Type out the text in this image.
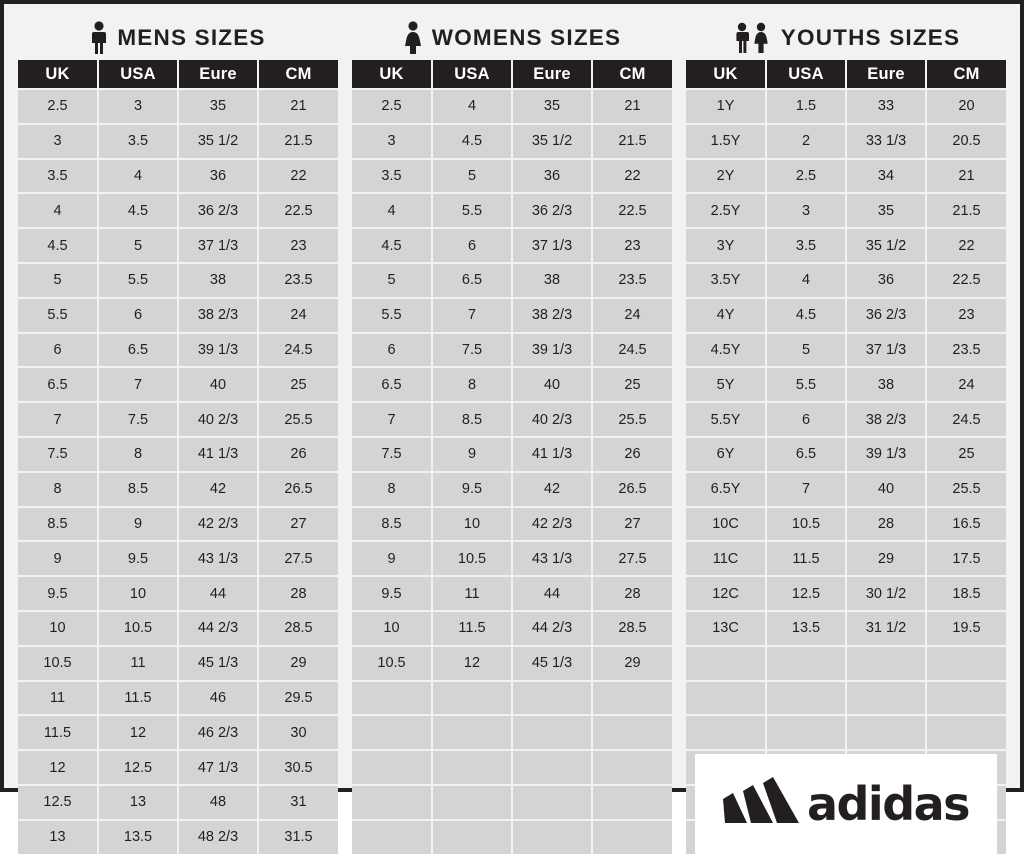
MENS SIZES
UK	USA	Eure	CM
2.5	3	35	21
3	3.5	35 1/2	21.5
3.5	4	36	22
4	4.5	36 2/3	22.5
4.5	5	37 1/3	23
5	5.5	38	23.5
5.5	6	38 2/3	24
6	6.5	39 1/3	24.5
6.5	7	40	25
7	7.5	40 2/3	25.5
7.5	8	41 1/3	26
8	8.5	42	26.5
8.5	9	42 2/3	27
9	9.5	43 1/3	27.5
9.5	10	44	28
10	10.5	44 2/3	28.5
10.5	11	45 1/3	29
11	11.5	46	29.5
11.5	12	46 2/3	30
12	12.5	47 1/3	30.5
12.5	13	48	31
13	13.5	48 2/3	31.5
WOMENS SIZES
UK	USA	Eure	CM
2.5	4	35	21
3	4.5	35 1/2	21.5
3.5	5	36	22
4	5.5	36 2/3	22.5
4.5	6	37 1/3	23
5	6.5	38	23.5
5.5	7	38 2/3	24
6	7.5	39 1/3	24.5
6.5	8	40	25
7	8.5	40 2/3	25.5
7.5	9	41 1/3	26
8	9.5	42	26.5
8.5	10	42 2/3	27
9	10.5	43 1/3	27.5
9.5	11	44	28
10	11.5	44 2/3	28.5
10.5	12	45 1/3	29

YOUTHS SIZES
UK	USA	Eure	CM
1Y	1.5	33	20
1.5Y	2	33 1/3	20.5
2Y	2.5	34	21
2.5Y	3	35	21.5
3Y	3.5	35 1/2	22
3.5Y	4	36	22.5
4Y	4.5	36 2/3	23
4.5Y	5	37 1/3	23.5
5Y	5.5	38	24
5.5Y	6	38 2/3	24.5
6Y	6.5	39 1/3	25
6.5Y	7	40	25.5
10C	10.5	28	16.5
11C	11.5	29	17.5
12C	12.5	30 1/2	18.5
13C	13.5	31 1/2	19.5

adidas
